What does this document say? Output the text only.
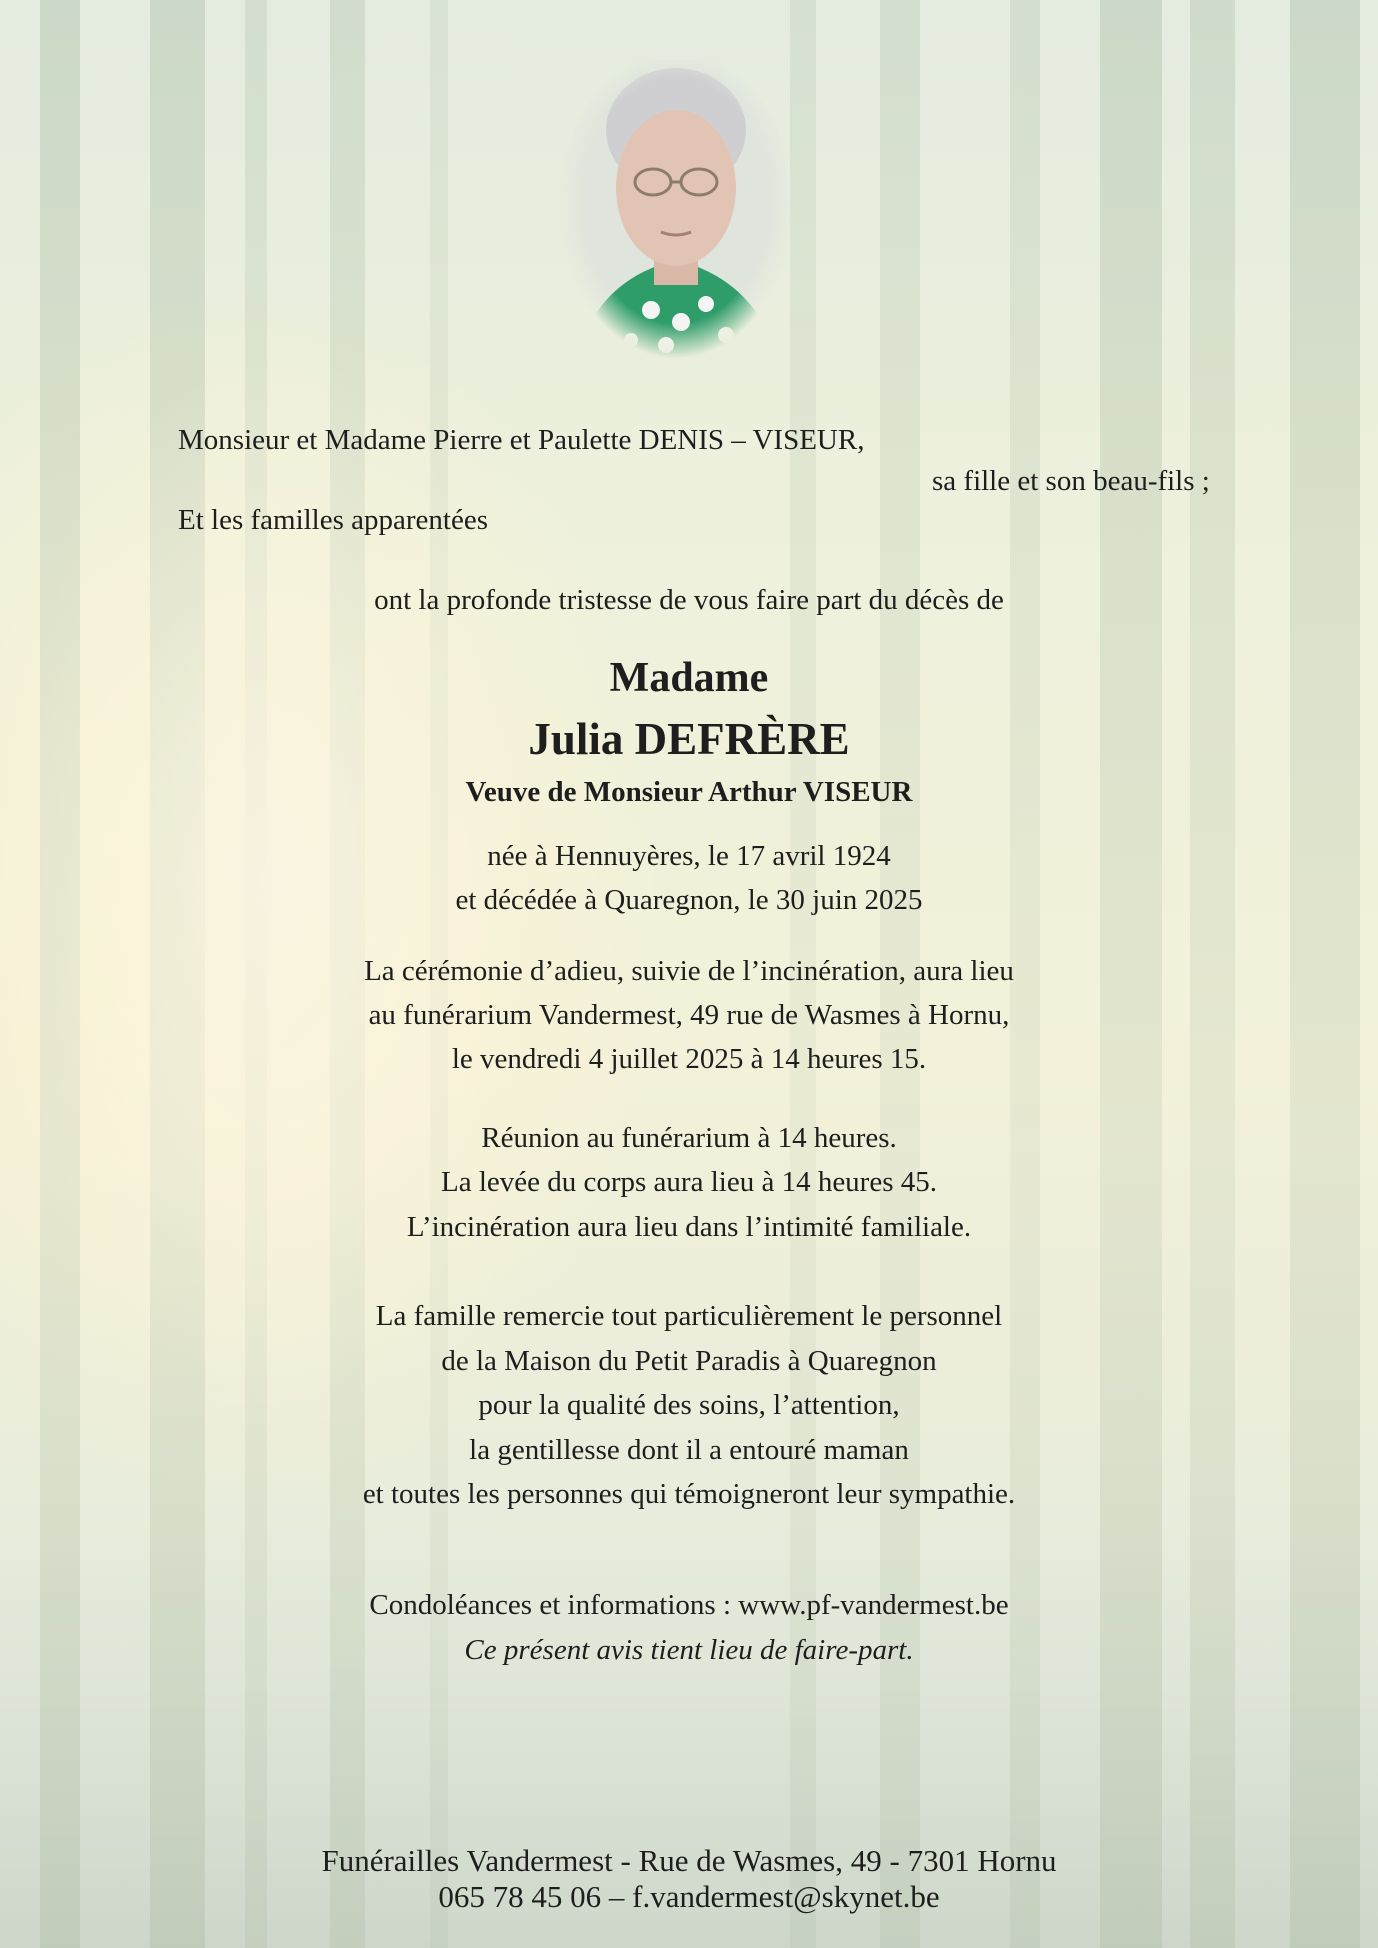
Monsieur et Madame Pierre et Paulette DENIS – VISEUR,
sa fille et son beau-fils ;
Et les familles apparentées
ont la profonde tristesse de vous faire part du décès de
Madame
Julia DEFRÈRE
Veuve de Monsieur Arthur VISEUR
née à Hennuyères, le 17 avril 1924
et décédée à Quaregnon, le 30 juin 2025
La cérémonie d’adieu, suivie de l’incinération, aura lieu
au funérarium Vandermest, 49 rue de Wasmes à Hornu,
le vendredi 4 juillet 2025 à 14 heures 15.
Réunion au funérarium à 14 heures.
La levée du corps aura lieu à 14 heures 45.
L’incinération aura lieu dans l’intimité familiale.
La famille remercie tout particulièrement le personnel
de la Maison du Petit Paradis à Quaregnon
pour la qualité des soins, l’attention,
la gentillesse dont il a entouré maman
et toutes les personnes qui témoigneront leur sympathie.
Condoléances et informations : www.pf-vandermest.be
Ce présent avis tient lieu de faire-part.
Funérailles Vandermest - Rue de Wasmes, 49 - 7301 Hornu
065 78 45 06 – f.vandermest@skynet.be
